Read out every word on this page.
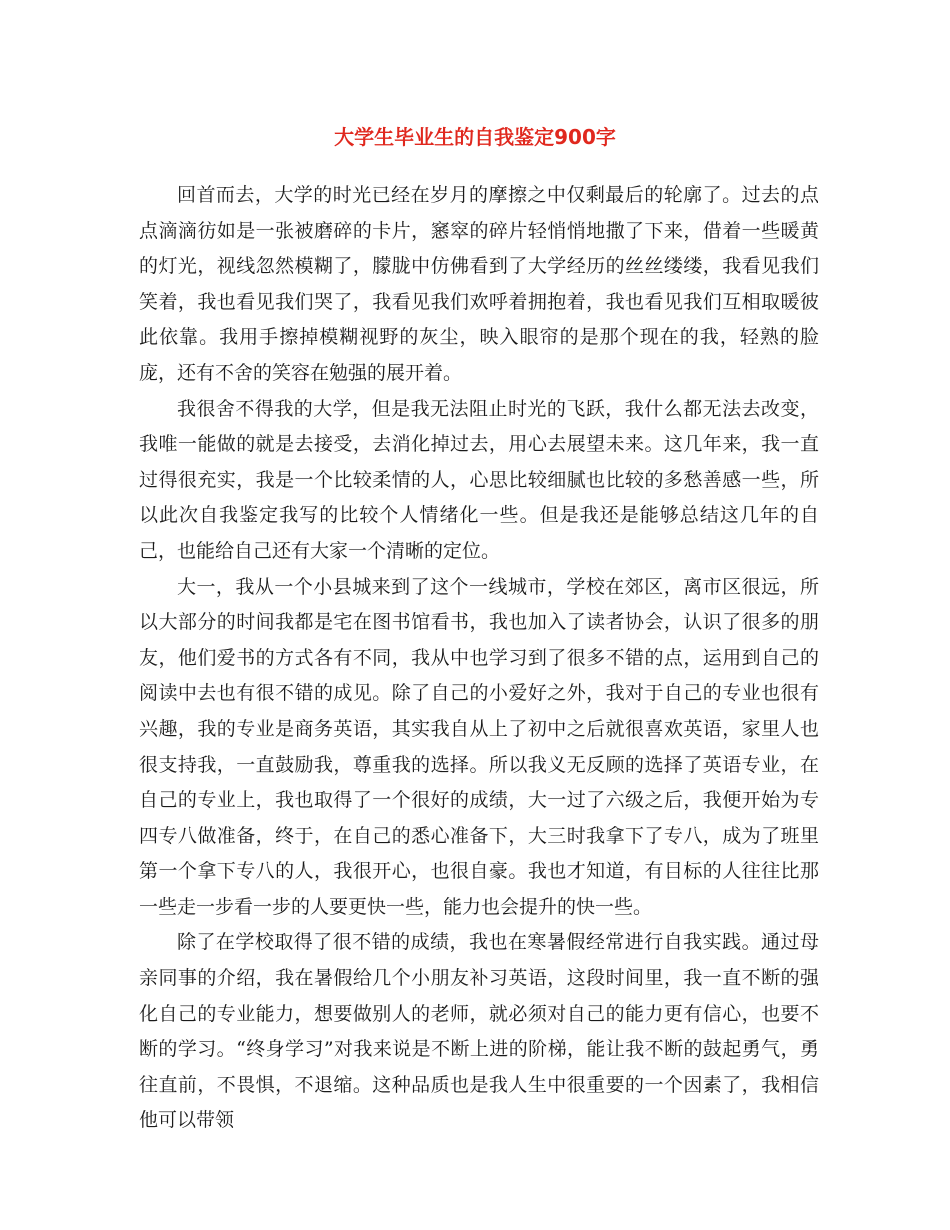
大学生毕业生的自我鉴定900字

回首而去，大学的时光已经在岁月的摩擦之中仅剩最后的轮廓了。过去的点点滴滴彷如是一张被磨碎的卡片，窸窣的碎片轻悄悄地撒了下来，借着一些暖黄的灯光，视线忽然模糊了，朦胧中仿佛看到了大学经历的丝丝缕缕，我看见我们笑着，我也看见我们哭了，我看见我们欢呼着拥抱着，我也看见我们互相取暖彼此依靠。我用手擦掉模糊视野的灰尘，映入眼帘的是那个现在的我，轻熟的脸庞，还有不舍的笑容在勉强的展开着。

我很舍不得我的大学，但是我无法阻止时光的飞跃，我什么都无法去改变，我唯一能做的就是去接受，去消化掉过去，用心去展望未来。这几年来，我一直过得很充实，我是一个比较柔情的人，心思比较细腻也比较的多愁善感一些，所以此次自我鉴定我写的比较个人情绪化一些。但是我还是能够总结这几年的自己，也能给自己还有大家一个清晰的定位。

大一，我从一个小县城来到了这个一线城市，学校在郊区，离市区很远，所以大部分的时间我都是宅在图书馆看书，我也加入了读者协会，认识了很多的朋友，他们爱书的方式各有不同，我从中也学习到了很多不错的点，运用到自己的阅读中去也有很不错的成见。除了自己的小爱好之外，我对于自己的专业也很有兴趣，我的专业是商务英语，其实我自从上了初中之后就很喜欢英语，家里人也很支持我，一直鼓励我，尊重我的选择。所以我义无反顾的选择了英语专业，在自己的专业上，我也取得了一个很好的成绩，大一过了六级之后，我便开始为专四专八做准备，终于，在自己的悉心准备下，大三时我拿下了专八，成为了班里第一个拿下专八的人，我很开心，也很自豪。我也才知道，有目标的人往往比那一些走一步看一步的人要更快一些，能力也会提升的快一些。

除了在学校取得了很不错的成绩，我也在寒暑假经常进行自我实践。通过母亲同事的介绍，我在暑假给几个小朋友补习英语，这段时间里，我一直不断的强化自己的专业能力，想要做别人的老师，就必须对自己的能力更有信心，也要不断的学习。“终身学习”对我来说是不断上进的阶梯，能让我不断的鼓起勇气，勇往直前，不畏惧，不退缩。这种品质也是我人生中很重要的一个因素了，我相信他可以带领
